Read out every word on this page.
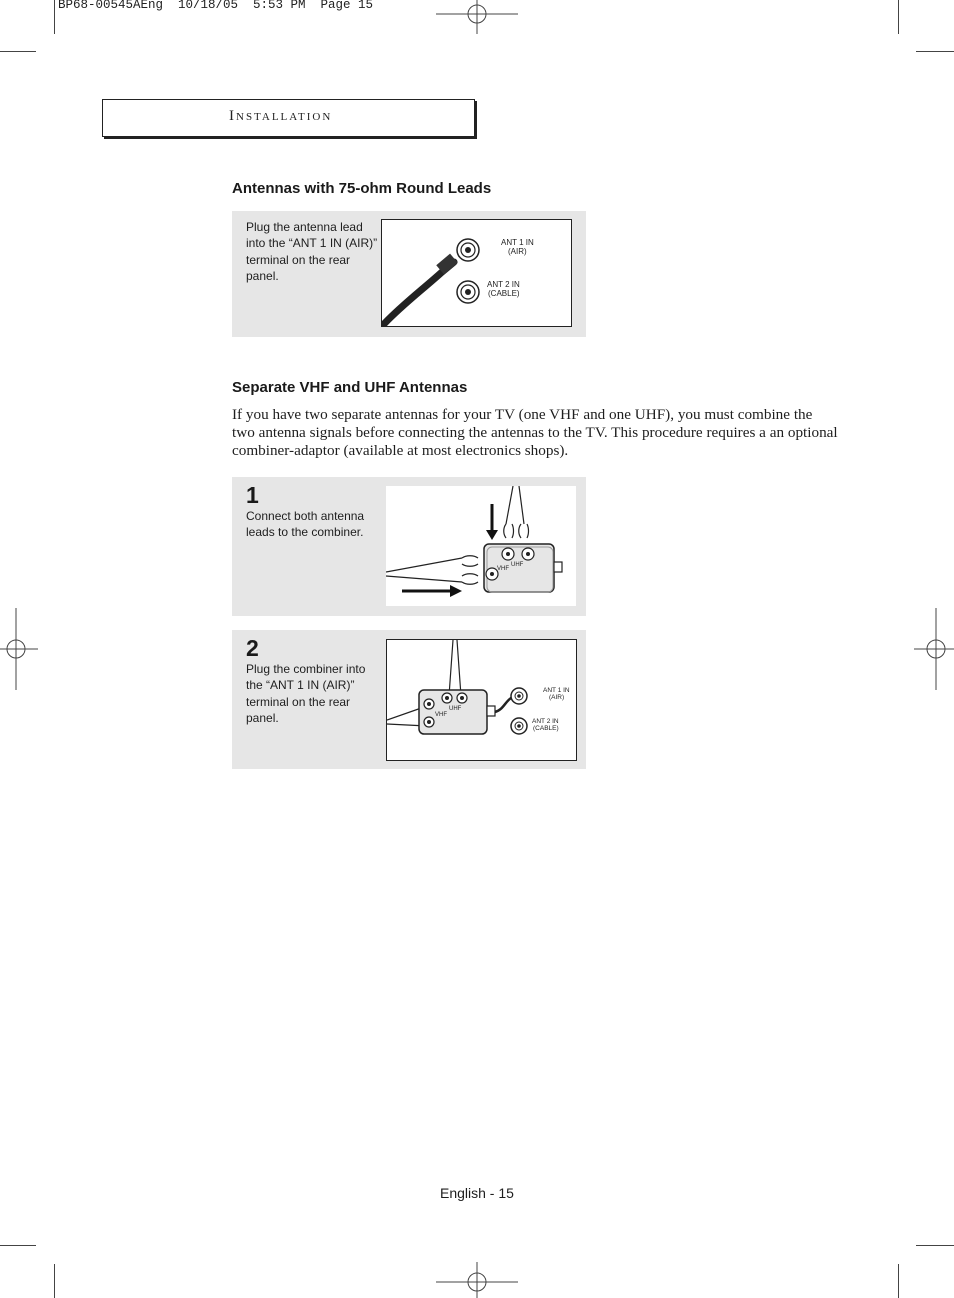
BP68-00545AEng  10/18/05  5:53 PM  Page 15
Installation
Antennas with 75-ohm Round Leads
Plug the antenna lead into the “ANT 1 IN (AIR)” terminal on the rear panel.
ANT 1 IN
(AIR)
ANT 2 IN
(CABLE)
Separate VHF and UHF Antennas
If you have two separate antennas for your TV (one VHF and one UHF), you must combine the two antenna signals before connecting the antennas to the TV. This procedure requires a an optional combiner-adaptor (available at most electronics shops).
1
Connect both antenna leads to the combiner.
UHF
VHF
2
Plug the combiner into the “ANT 1 IN (AIR)” terminal on the rear panel.
UHF
VHF
ANT 1 IN
(AIR)
ANT 2 IN
(CABLE)
English - 15
